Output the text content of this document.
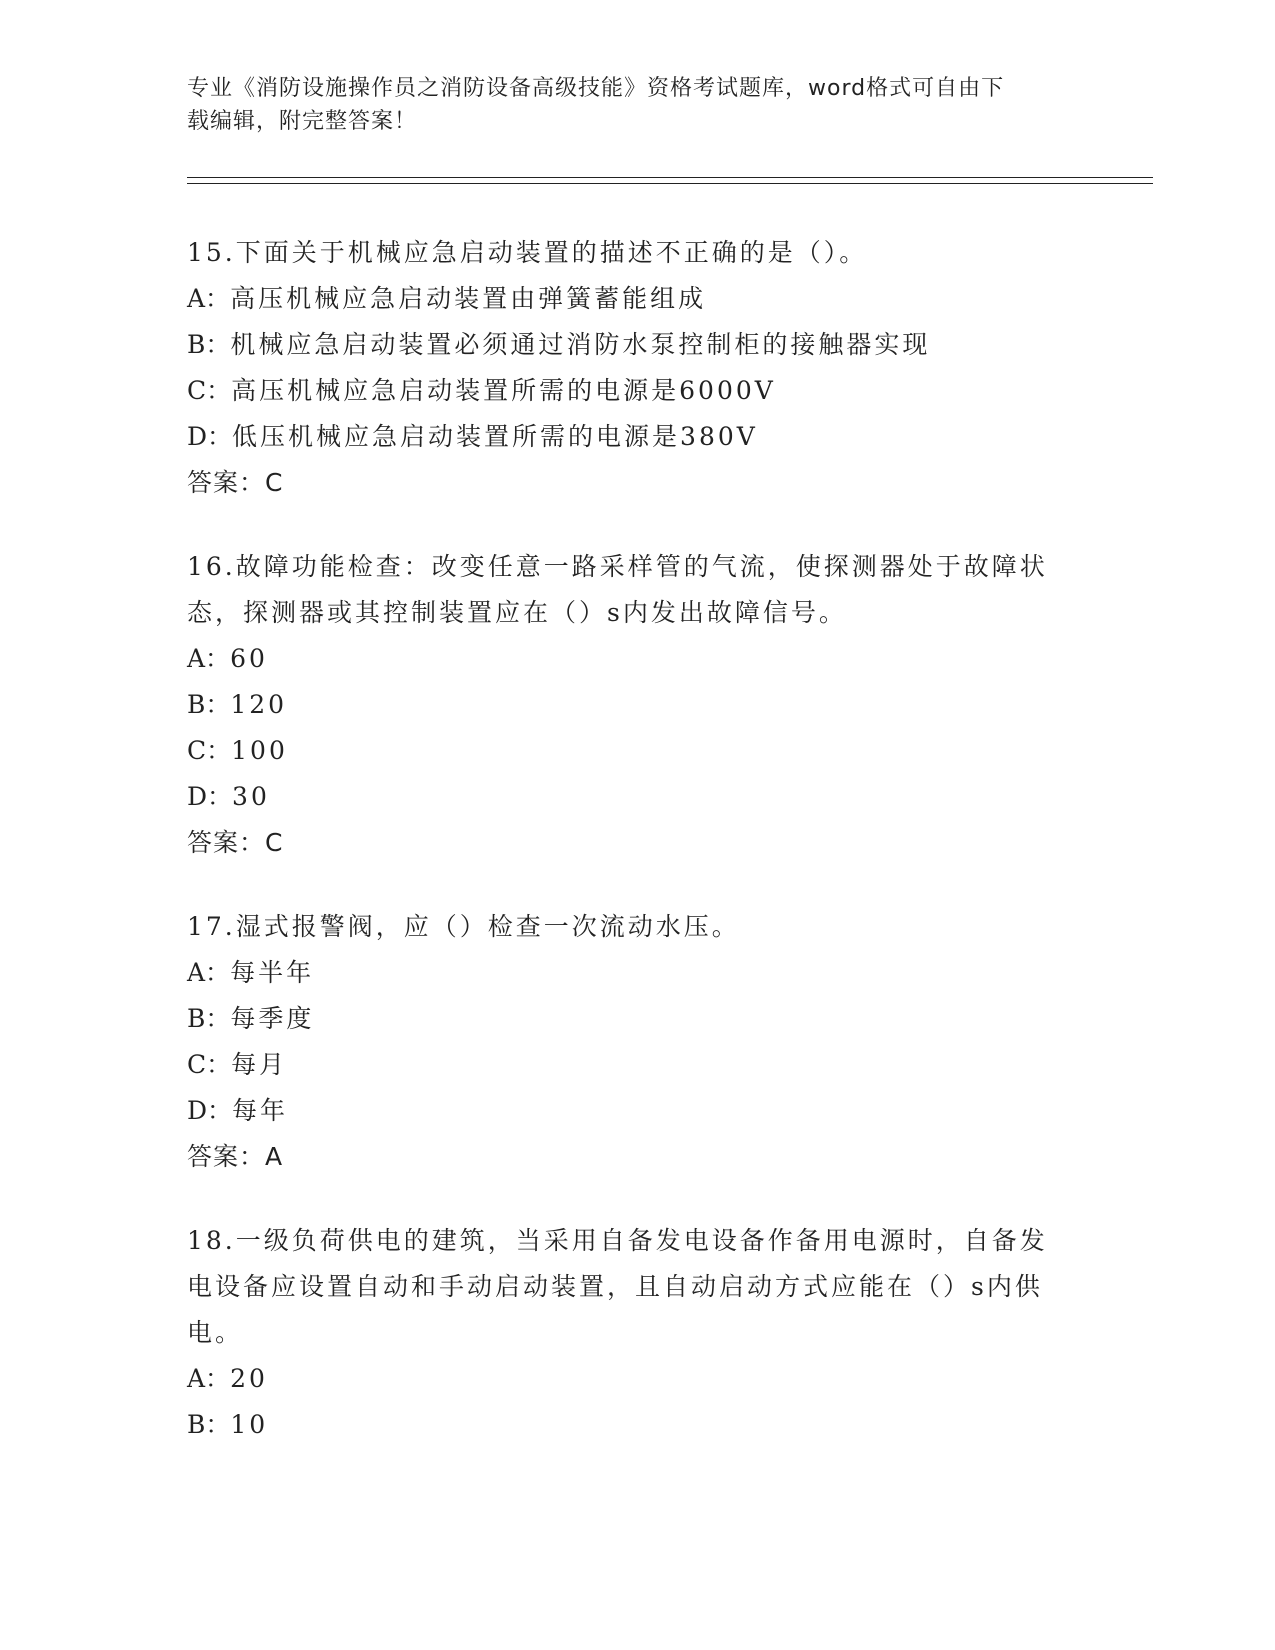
专业《消防设施操作员之消防设备高级技能》资格考试题库，word格式可自由下
载编辑，附完整答案！
15.下面关于机械应急启动装置的描述不正确的是（）。
A：高压机械应急启动装置由弹簧蓄能组成
B：机械应急启动装置必须通过消防水泵控制柜的接触器实现
C：高压机械应急启动装置所需的电源是6000V
D：低压机械应急启动装置所需的电源是380V
答案：C
16.故障功能检查：改变任意一路采样管的气流，使探测器处于故障状
态，探测器或其控制装置应在（）s内发出故障信号。
A：60
B：120
C：100
D：30
答案：C
17.湿式报警阀，应（）检查一次流动水压。
A：每半年
B：每季度
C：每月
D：每年
答案：A
18.一级负荷供电的建筑，当采用自备发电设备作备用电源时，自备发
电设备应设置自动和手动启动装置，且自动启动方式应能在（）s内供
电。
A：20
B：10
